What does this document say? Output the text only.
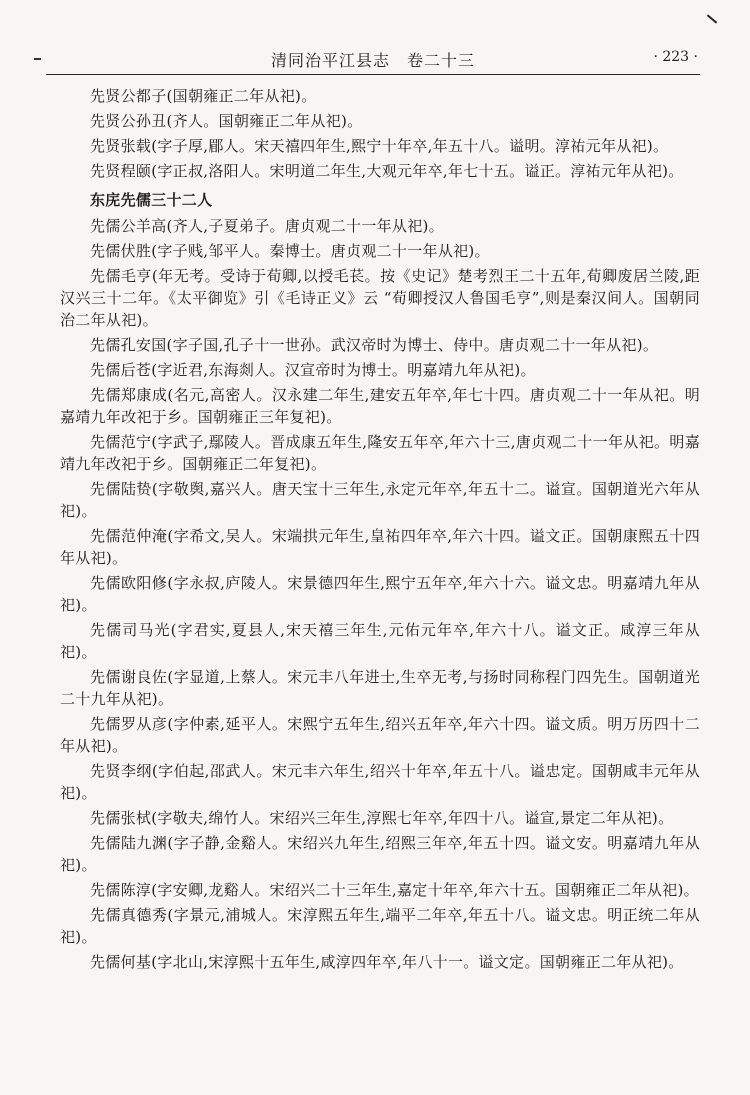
清同治平江县志　卷二十三	· 223 ·

先贤公都子(国朝雍正二年从祀)。

先贤公孙丑(齐人。国朝雍正二年从祀)。

先贤张载(字子厚,郿人。宋天禧四年生,熙宁十年卒,年五十八。谥明。淳祐元年从祀)。

先贤程颐(字正叔,洛阳人。宋明道二年生,大观元年卒,年七十五。谥正。淳祐元年从祀)。

东庑先儒三十二人

先儒公羊高(齐人,子夏弟子。唐贞观二十一年从祀)。

先儒伏胜(字子贱,邹平人。秦博士。唐贞观二十一年从祀)。

先儒毛亨(年无考。受诗于荀卿,以授毛苌。按《史记》楚考烈王二十五年,荀卿废居兰陵,距汉兴三十二年。《太平御览》引《毛诗正义》云 “荀卿授汉人鲁国毛亨”,则是秦汉间人。国朝同治二年从祀)。

先儒孔安国(字子国,孔子十一世孙。武汉帝时为博士、侍中。唐贞观二十一年从祀)。

先儒后苍(字近君,东海剡人。汉宣帝时为博士。明嘉靖九年从祀)。

先儒郑康成(名元,高密人。汉永建二年生,建安五年卒,年七十四。唐贞观二十一年从祀。明嘉靖九年改祀于乡。国朝雍正三年复祀)。

先儒范宁(字武子,鄢陵人。晋成康五年生,隆安五年卒,年六十三,唐贞观二十一年从祀。明嘉靖九年改祀于乡。国朝雍正二年复祀)。

先儒陆贽(字敬舆,嘉兴人。唐天宝十三年生,永定元年卒,年五十二。谥宣。国朝道光六年从祀)。

先儒范仲淹(字希文,吴人。宋端拱元年生,皇祐四年卒,年六十四。谥文正。国朝康熙五十四年从祀)。

先儒欧阳修(字永叔,庐陵人。宋景德四年生,熙宁五年卒,年六十六。谥文忠。明嘉靖九年从祀)。

先儒司马光(字君实,夏县人,宋天禧三年生,元佑元年卒,年六十八。谥文正。咸淳三年从祀)。

先儒谢良佐(字显道,上蔡人。宋元丰八年进士,生卒无考,与扬时同称程门四先生。国朝道光二十九年从祀)。

先儒罗从彦(字仲素,延平人。宋熙宁五年生,绍兴五年卒,年六十四。谥文质。明万历四十二年从祀)。

先贤李纲(字伯起,邵武人。宋元丰六年生,绍兴十年卒,年五十八。谥忠定。国朝咸丰元年从祀)。

先儒张栻(字敬夫,绵竹人。宋绍兴三年生,淳熙七年卒,年四十八。谥宣,景定二年从祀)。

先儒陆九渊(字子静,金谿人。宋绍兴九年生,绍熙三年卒,年五十四。谥文安。明嘉靖九年从祀)。

先儒陈淳(字安卿,龙谿人。宋绍兴二十三年生,嘉定十年卒,年六十五。国朝雍正二年从祀)。

先儒真德秀(字景元,浦城人。宋淳熙五年生,端平二年卒,年五十八。谥文忠。明正统二年从祀)。

先儒何基(字北山,宋淳熙十五年生,咸淳四年卒,年八十一。谥文定。国朝雍正二年从祀)。
